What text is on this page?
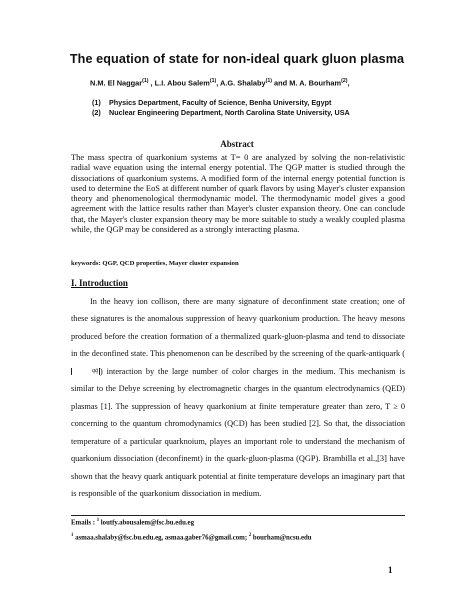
The equation of state for non-ideal quark gluon plasma
N.M. El Naggar$^{(1)}$ , L.I. Abou Salem$^{(1)}$, A.G. Shalaby$^{(1)}$ and M. A. Bourham$^{(2)}$,
(1) Physics Department, Faculty of Science, Benha University, Egypt
(2) Nuclear Engineering Department, North Carolina State University, USA
Abstract
The mass spectra of quarkonium systems at T= 0 are analyzed by solving the non-relativistic radial wave equation using the internal energy potential. The QGP matter is studied through the dissociations of quarkonium systems. A modified form of the internal energy potential function is used to determine the EoS at different number of quark flavors by using Mayer's cluster expansion theory and phenomenological thermodynamic model. The thermodynamic model gives a good agreement with the lattice results rather than Mayer's cluster expansion theory. One can conclude that, the Mayer's cluster expansion theory may be more suitable to study a weakly coupled plasma while, the QGP may be considered as a strongly interacting plasma.
keywords: QGP, QCD properties, Mayer cluster expansion
I. Introduction

In the heavy ion collison, there are many signature of deconfinment state creation; one of these signatures is the anomalous suppression of heavy quarkonium production. The heavy mesons produced before the creation formation of a thermalized quark-gluon-plasma and tend to dissociate in the deconfined state. This phenomenon can be described by the screening of the quark-antiquark (qq̄ ) interaction by the large number of color charges in the medium. This mechanism is similar to the Debye screening by electromagnetic charges in the quantum electrodynamics (QED) plasmas [1]. The suppression of heavy quarkonium at finite temperature greater than zero, T ≥ 0 concerning to the quantum chromodynamics (QCD) has been studied [2]. So that, the dissociation temperature of a particular quarknoium, playes an important role to understand the mechanism of quarkonium dissociation (deconfinemt) in the quark-gluon-plasma (QGP). Brambilla et al.,[3] have shown that the heavy quark antiquark potential at finite temperature develops an imaginary part that is responsible of the quarkonium dissociation in medium.

Emails : $^1$ loutfy.abousalem@fsc.bu.edu.eg
$^1$ asmaa.shalaby@fsc.bu.edu.eg, asmaa.gaber76@gmail.com; $^2$ bourham@ncsu.edu
1
